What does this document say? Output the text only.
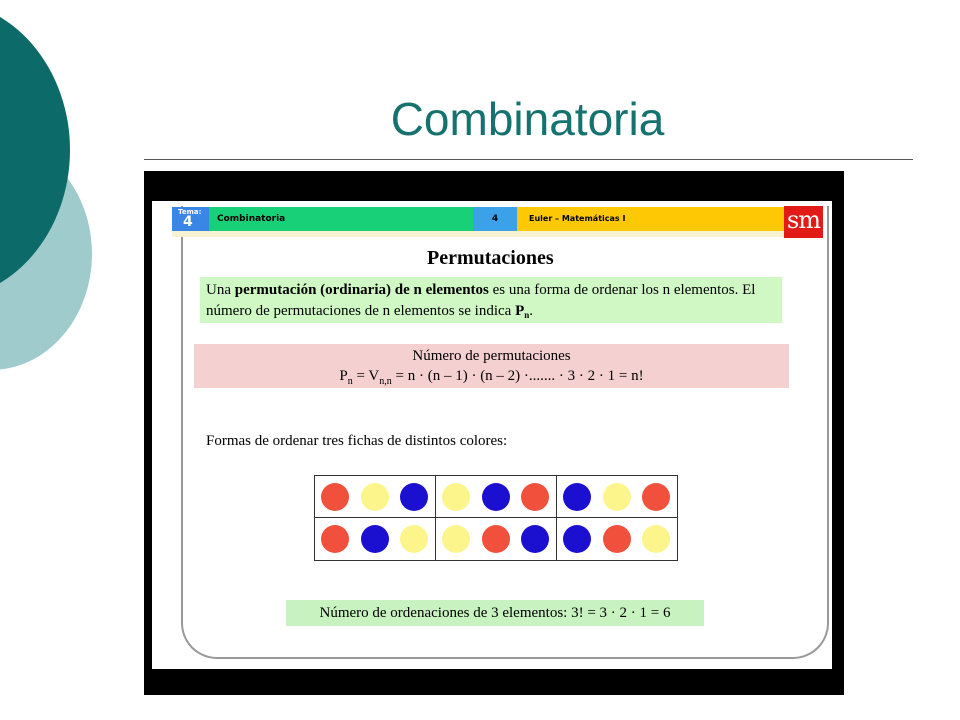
Combinatoria
Tema:
4	Combinatoria	4	Euler – Matemáticas I	sm
Permutaciones
Una permutación (ordinaria) de n elementos es una forma de ordenar los n elementos. El número de permutaciones de n elementos se indica $P_n$.
Número de permutaciones
$P_n = V_{n,n} = n \cdot (n - 1) \cdot (n - 2)$ ·....... · 3 · 2 · 1 = n!
Formas de ordenar tres fichas de distintos colores:
Número de ordenaciones de 3 elementos: 3! = 3 · 2 · 1 = 6
